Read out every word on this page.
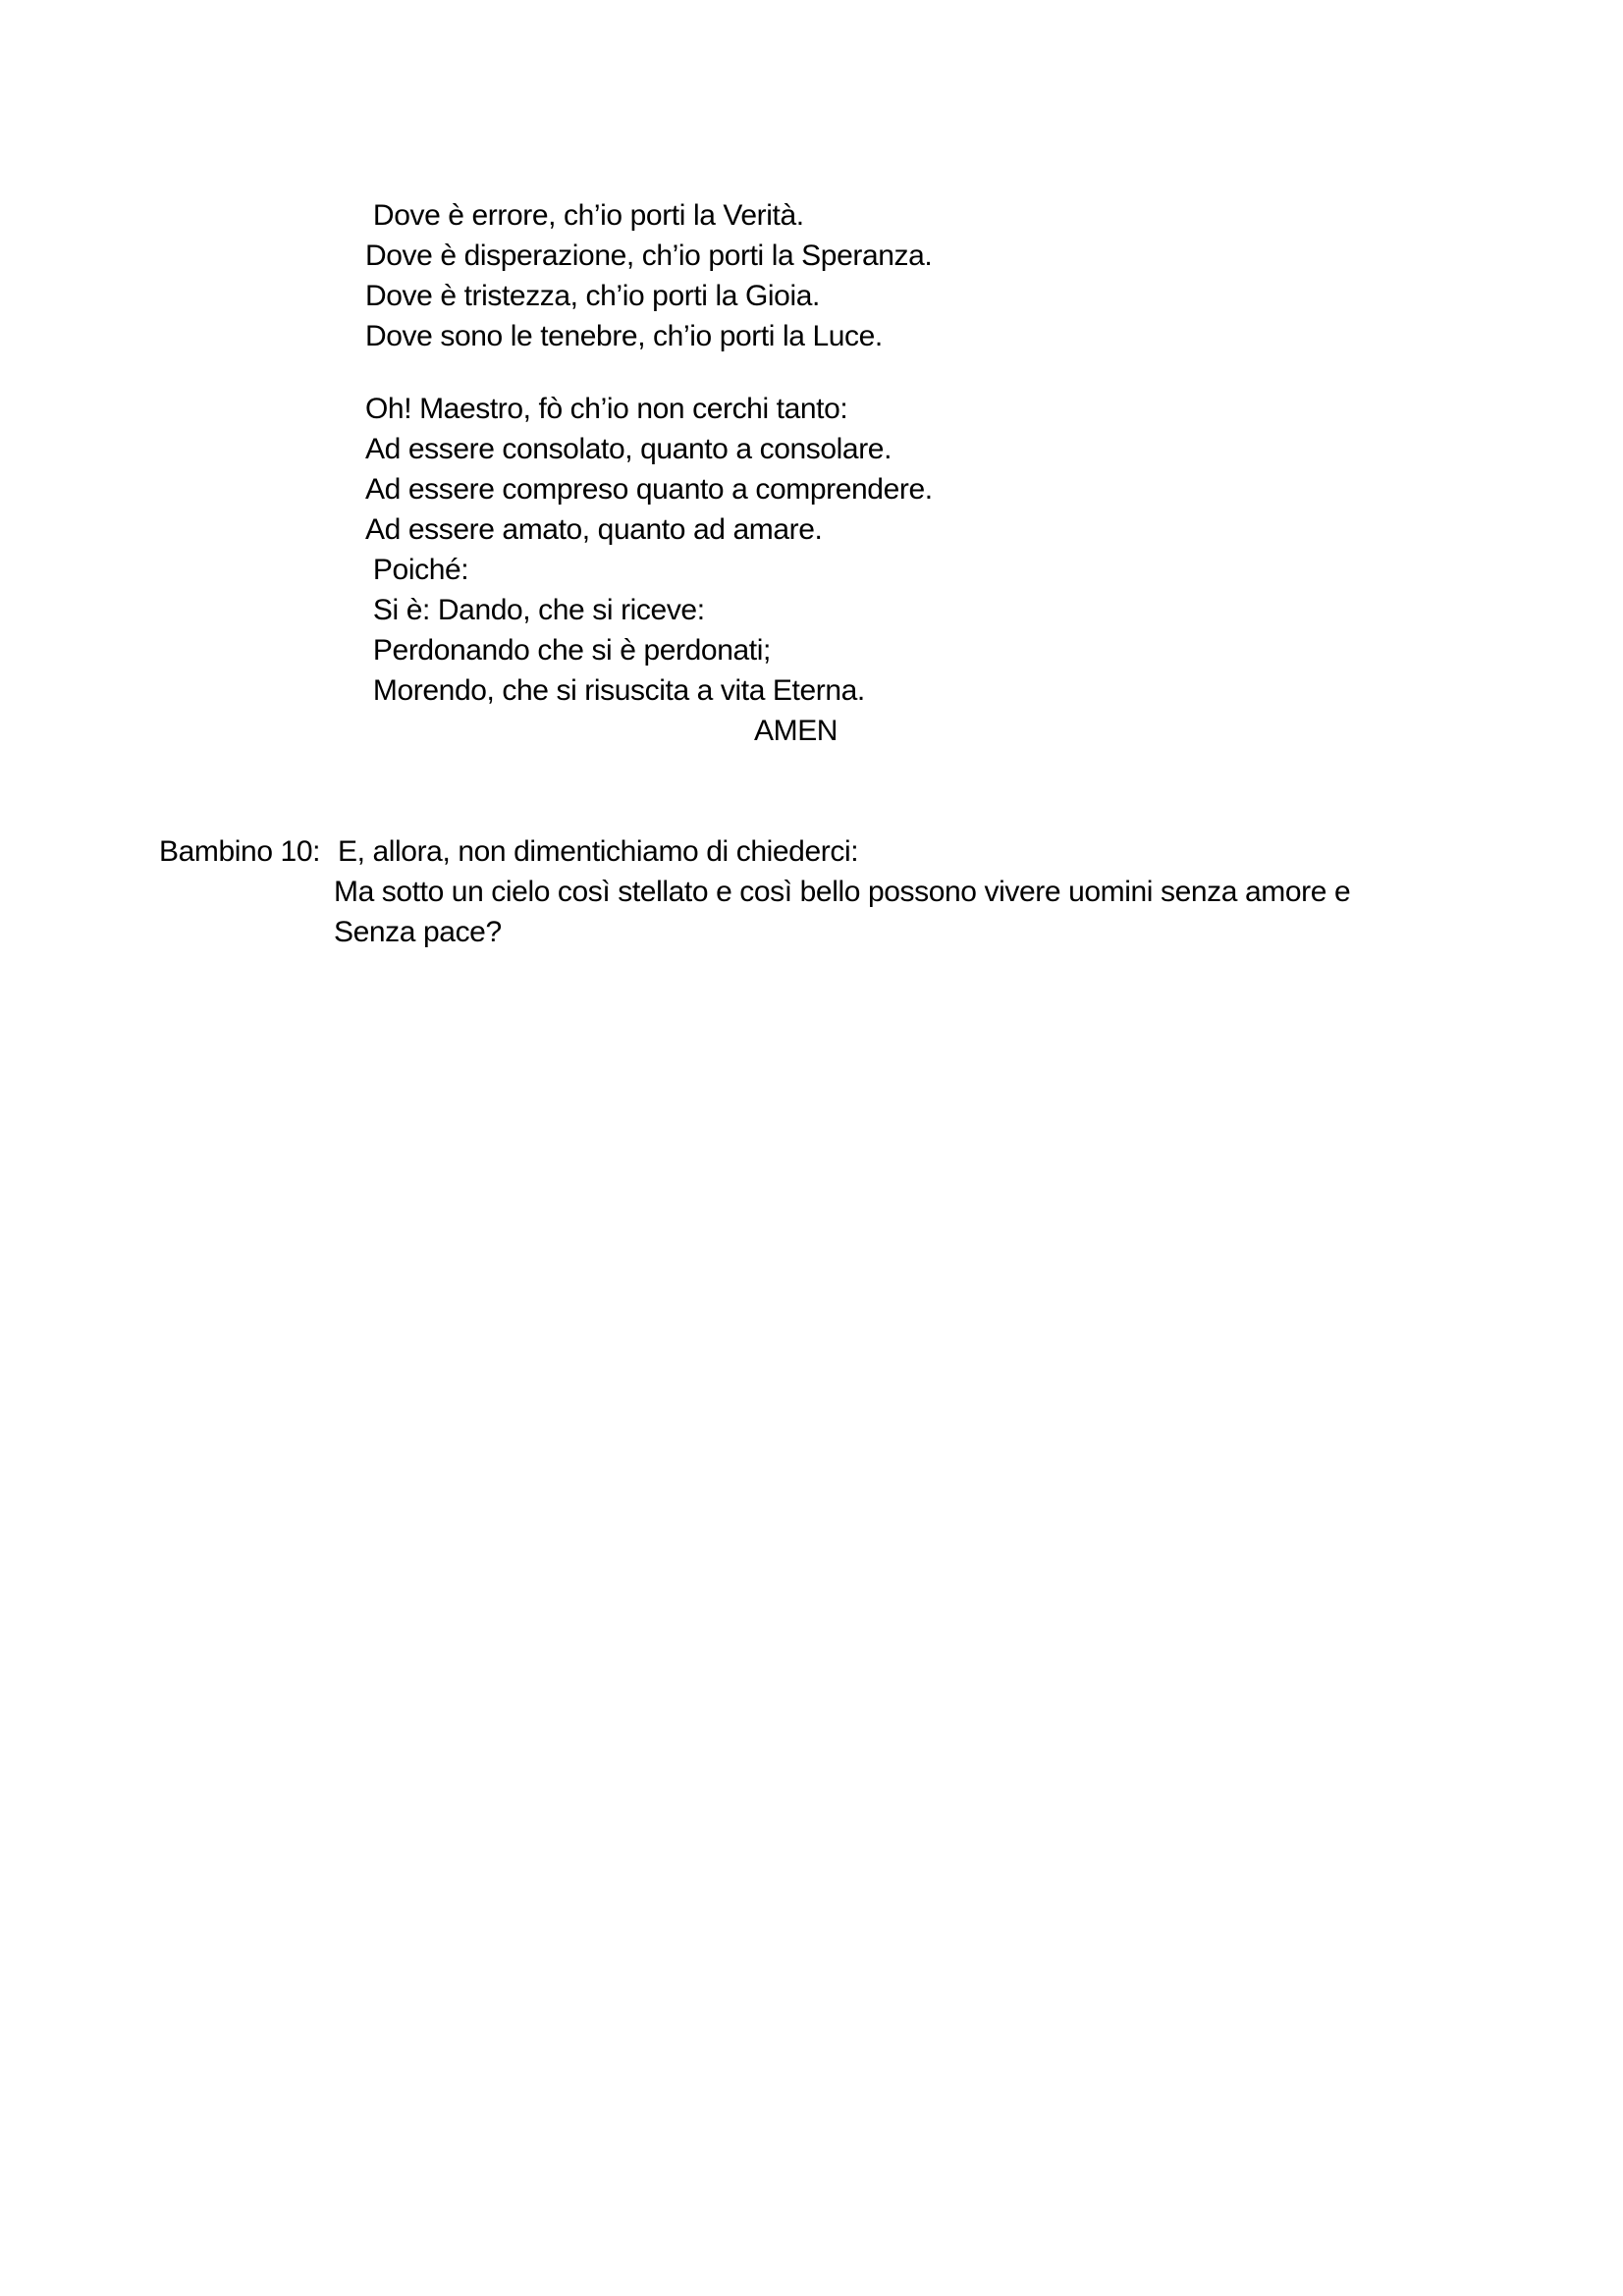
Dove è errore, ch’io porti la Verità.
Dove è disperazione, ch’io porti la Speranza.
Dove è tristezza, ch’io porti la Gioia.
Dove sono le tenebre, ch’io porti la Luce.
Oh! Maestro, fò ch’io non cerchi tanto:
Ad essere consolato, quanto a consolare.
Ad essere compreso quanto a comprendere.
Ad essere amato, quanto ad amare.
Poiché:
Si è: Dando, che si riceve:
Perdonando che si è perdonati;
Morendo, che si risuscita a vita Eterna.
AMEN
Bambino 10: E, allora, non dimentichiamo di chiederci:
Ma sotto un cielo così stellato e così bello possono vivere uomini senza amore e
Senza pace?
